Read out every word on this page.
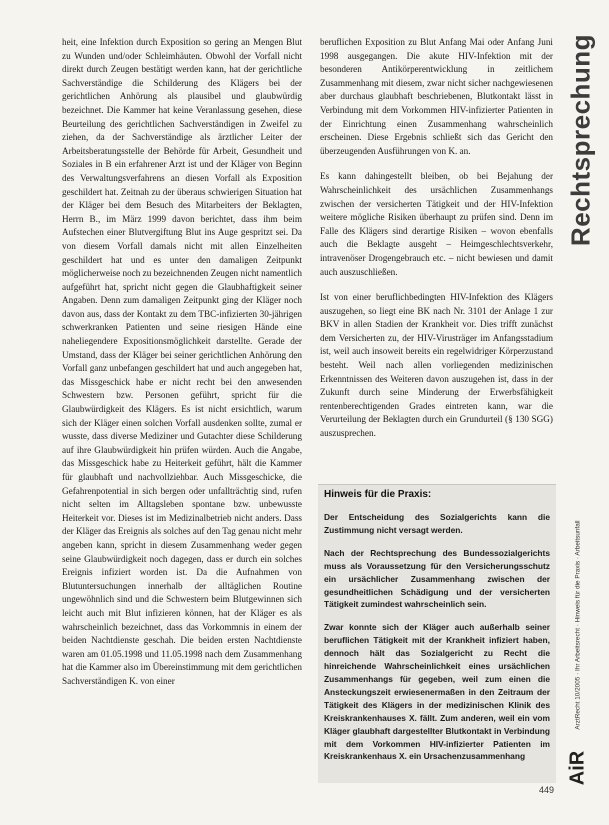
heit, eine Infektion durch Exposition so gering an Mengen Blut zu Wunden und/oder Schleimhäuten. Obwohl der Vorfall nicht direkt durch Zeugen bestätigt werden kann, hat der gerichtliche Sachverständige die Schilderung des Klägers bei der gerichtlichen Anhörung als plausibel und glaubwürdig bezeichnet. Die Kammer hat keine Veranlassung gesehen, diese Beurteilung des gerichtlichen Sachverständigen in Zweifel zu ziehen, da der Sachverständige als ärztlicher Leiter der Arbeitsberatungsstelle der Behörde für Arbeit, Gesundheit und Soziales in B ein erfahrener Arzt ist und der Kläger von Beginn des Verwaltungsverfahrens an diesen Vorfall als Exposition geschildert hat. Zeitnah zu der überaus schwierigen Situation hat der Kläger bei dem Besuch des Mitarbeiters der Beklagten, Herrn B., im März 1999 davon berichtet, dass ihm beim Aufstechen einer Blutvergiftung Blut ins Auge gespritzt sei. Da von diesem Vorfall damals nicht mit allen Einzelheiten geschildert hat und es unter den damaligen Zeitpunkt möglicherweise noch zu bezeichnenden Zeugen nicht namentlich aufgeführt hat, spricht nicht gegen die Glaubhaftigkeit seiner Angaben. Denn zum damaligen Zeitpunkt ging der Kläger noch davon aus, dass der Kontakt zu dem TBC-infizierten 30-jährigen schwerkranken Patienten und seine riesigen Hände eine naheliegendere Expositionsmöglichkeit darstellte. Gerade der Umstand, dass der Kläger bei seiner gerichtlichen Anhörung den Vorfall ganz unbefangen geschildert hat und auch angegeben hat, das Missgeschick habe er nicht recht bei den anwesenden Schwestern bzw. Personen geführt, spricht für die Glaubwürdigkeit des Klägers. Es ist nicht ersichtlich, warum sich der Kläger einen solchen Vorfall ausdenken sollte, zumal er wusste, dass diverse Mediziner und Gutachter diese Schilderung auf ihre Glaubwürdigkeit hin prüfen würden. Auch die Angabe, das Missgeschick habe zu Heiterkeit geführt, hält die Kammer für glaubhaft und nachvollziehbar. Auch Missgeschicke, die Gefahrenpotential in sich bergen oder unfallträchtig sind, rufen nicht selten im Alltagsleben spontane bzw. unbewusste Heiterkeit vor. Dieses ist im Medizinalbetrieb nicht anders. Dass der Kläger das Ereignis als solches auf den Tag genau nicht mehr angeben kann, spricht in diesem Zusammenhang weder gegen seine Glaubwürdigkeit noch dagegen, dass er durch ein solches Ereignis infiziert worden ist. Da die Aufnahmen von Blutuntersuchungen innerhalb der alltäglichen Routine ungewöhnlich sind und die Schwestern beim Blutgewinnen sich leicht auch mit Blut infizieren können, hat der Kläger es als wahrscheinlich bezeichnet, dass das Vorkommnis in einem der beiden Nachtdienste geschah. Die beiden ersten Nachtdienste waren am 01.05.1998 und 11.05.1998 nach dem Zusammenhang hat die Kammer also im Übereinstimmung mit dem gerichtlichen Sachverständigen K. von einer

beruflichen Exposition zu Blut Anfang Mai oder Anfang Juni 1998 ausgegangen. Die akute HIV-Infektion mit der besonderen Antikörperentwicklung in zeitlichem Zusammenhang mit diesem, zwar nicht sicher nachgewiesenen aber durchaus glaubhaft beschriebenen, Blutkontakt lässt in Verbindung mit dem Vorkommen HIV-infizierter Patienten in der Einrichtung einen Zusammenhang wahrscheinlich erscheinen. Diese Ergebnis schließt sich das Gericht den überzeugenden Ausführungen von K. an.

Es kann dahingestellt bleiben, ob bei Bejahung der Wahrscheinlichkeit des ursächlichen Zusammenhangs zwischen der versicherten Tätigkeit und der HIV-Infektion weitere mögliche Risiken überhaupt zu prüfen sind. Denn im Falle des Klägers sind derartige Risiken – wovon ebenfalls auch die Beklagte ausgeht – Heimgeschlechtsverkehr, intravenöser Drogengebrauch etc. – nicht bewiesen und damit auch auszuschließen.

Ist von einer beruflichbedingten HIV-Infektion des Klägers auszugehen, so liegt eine BK nach Nr. 3101 der Anlage 1 zur BKV in allen Stadien der Krankheit vor. Dies trifft zunächst dem Versicherten zu, der HIV-Virusträger im Anfangsstadium ist, weil auch insoweit bereits ein regelwidriger Körperzustand besteht. Weil nach allen vorliegenden medizinischen Erkenntnissen des Weiteren davon auszugehen ist, dass in der Zukunft durch seine Minderung der Erwerbsfähigkeit rentenberechtigenden Grades eintreten kann, war die Verurteilung der Beklagten durch ein Grundurteil (§ 130 SGG) auszusprechen.

Hinweis für die Praxis:

Der Entscheidung des Sozialgerichts kann die Zustimmung nicht versagt werden.

Nach der Rechtsprechung des Bundessozialgerichts muss als Voraussetzung für den Versicherungsschutz ein ursächlicher Zusammenhang zwischen der gesundheitlichen Schädigung und der versicherten Tätigkeit zumindest wahrscheinlich sein.

Zwar konnte sich der Kläger auch außerhalb seiner beruflichen Tätigkeit mit der Krankheit infiziert haben, dennoch hält das Sozialgericht zu Recht die hinreichende Wahrscheinlichkeit eines ursächlichen Zusammenhangs für gegeben, weil zum einen die Ansteckungszeit erwiesenermaßen in den Zeitraum der Tätigkeit des Klägers in der medizinischen Klinik des Kreiskrankenhauses X. fällt. Zum anderen, weil ein vom Kläger glaubhaft dargestellter Blutkontakt in Verbindung mit dem Vorkommen HIV-infizierter Patienten im Kreiskrankenhaus X. ein Ursachenzusammenhang

Rechtsprechung
ArztRecht 10/2005 · Ihr Arbeitsrecht · Hinweis für die Praxis · Arbeitsunfall
AiR
449
